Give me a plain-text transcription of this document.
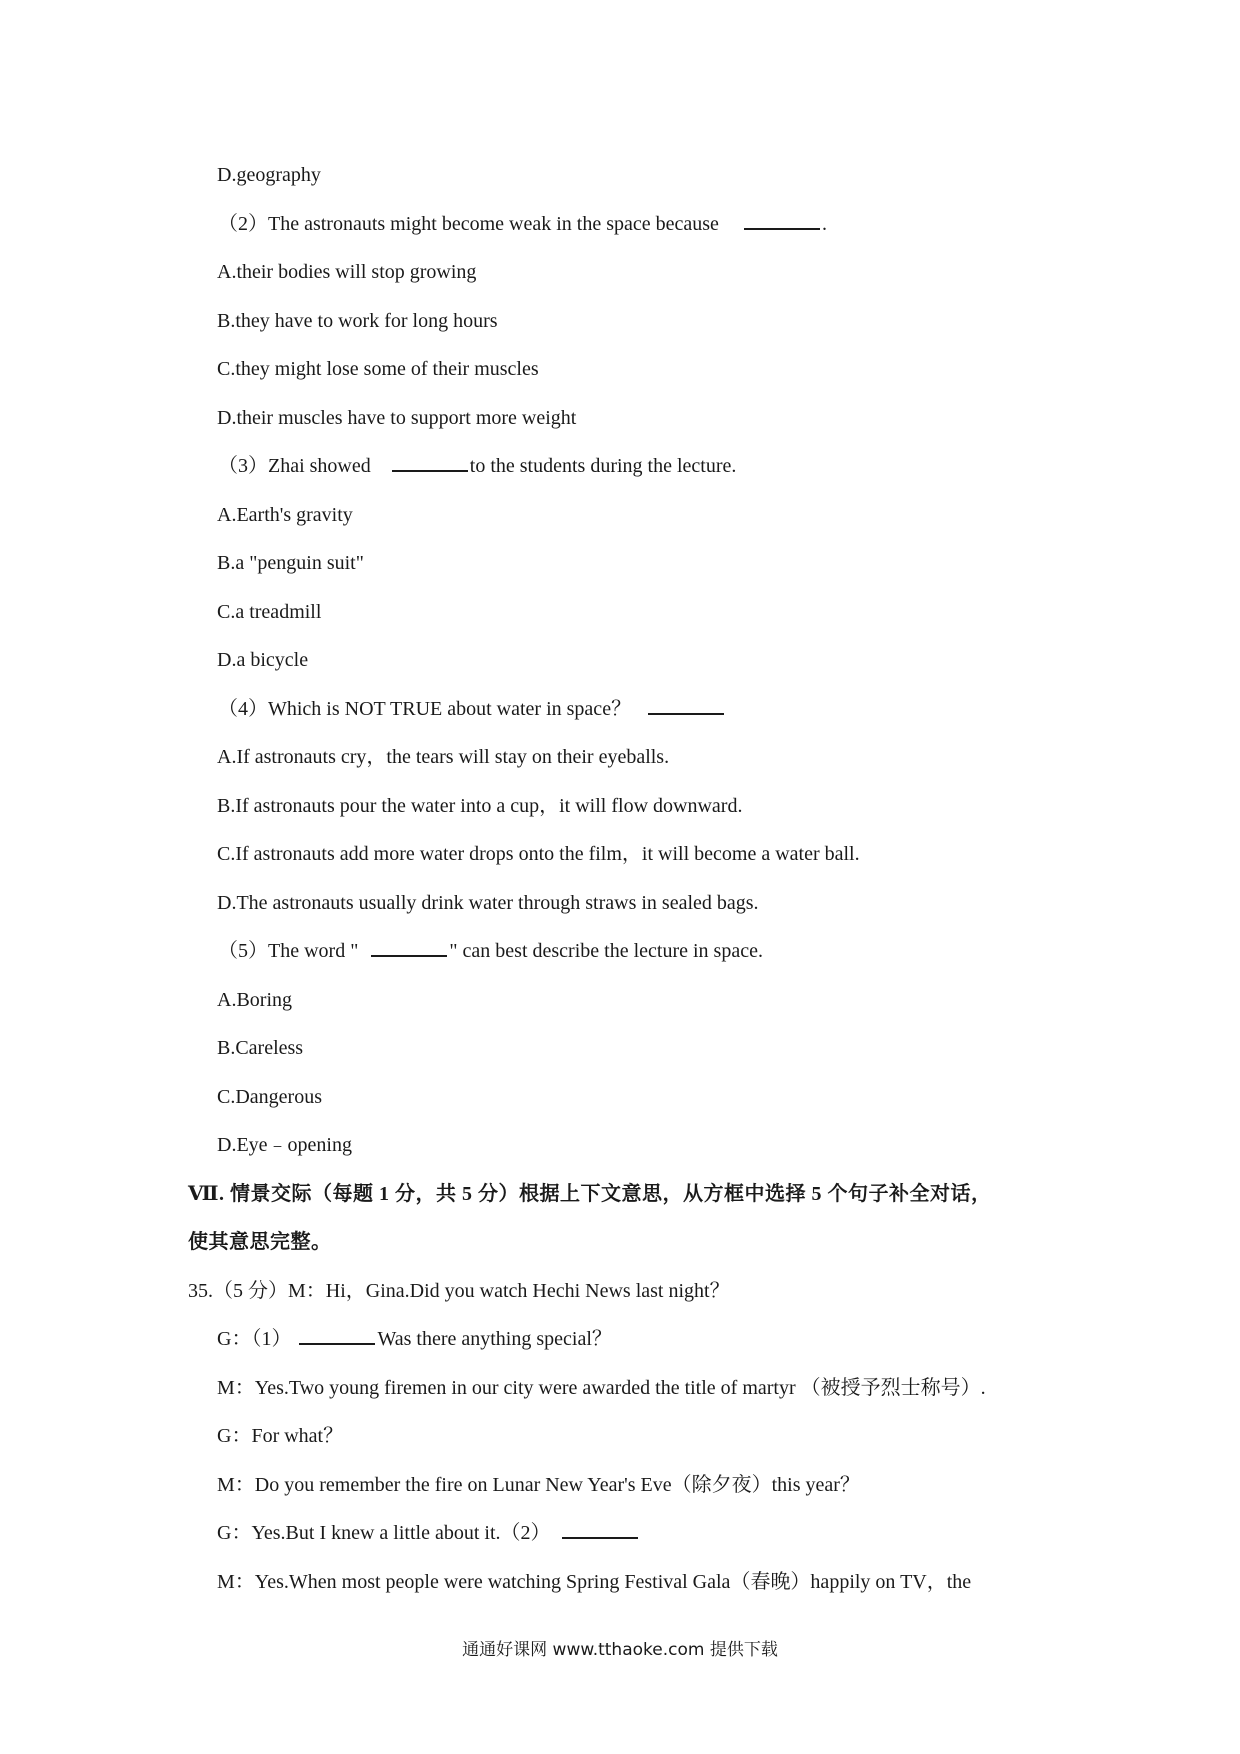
D.geography
（2）The astronauts might become weak in the space because	.
A.their bodies will stop growing
B.they have to work for long hours
C.they might lose some of their muscles
D.their muscles have to support more weight
（3）Zhai showed	to the students during the lecture.
A.Earth's gravity
B.a "penguin suit"
C.a treadmill
D.a bicycle
（4）Which is NOT TRUE about water in space？
A.If astronauts cry，the tears will stay on their eyeballs.
B.If astronauts pour the water into a cup，it will flow downward.
C.If astronauts add more water drops onto the film，it will become a water ball.
D.The astronauts usually drink water through straws in sealed bags.
（5）The word "	" can best describe the lecture in space.
A.Boring
B.Careless
C.Dangerous
D.Eye﹣opening
Ⅶ. 情景交际（每题 1 分，共 5 分）根据上下文意思，从方框中选择 5 个句子补全对话，
使其意思完整。
35.（5 分）M：Hi，Gina.Did you watch Hechi News last night？
G：（1）	Was there anything special？
M：Yes.Two young firemen in our city were awarded the title of martyr （被授予烈士称号）.
G：For what？
M：Do you remember the fire on Lunar New Year's Eve（除夕夜）this year？
G：Yes.But I knew a little about it.（2）
M：Yes.When most people were watching Spring Festival Gala（春晚）happily on TV，the
通通好课网 www.tthaoke.com 提供下载
